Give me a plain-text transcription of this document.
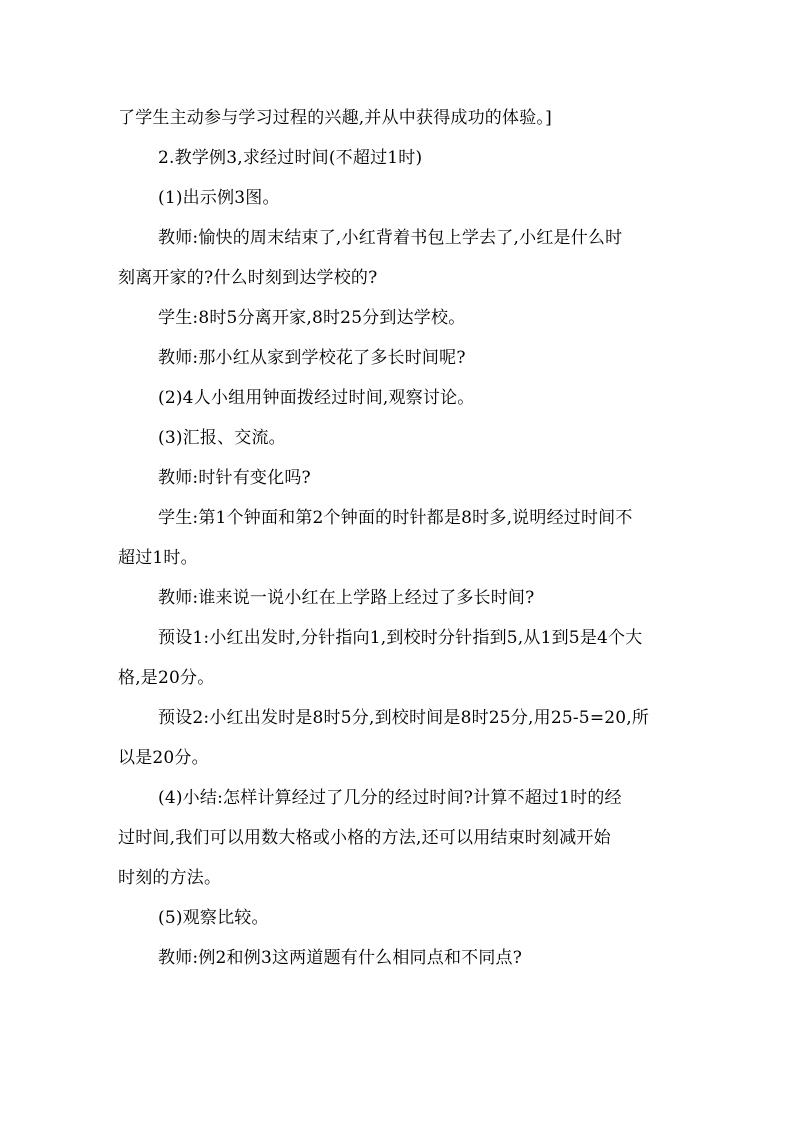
了学生主动参与学习过程的兴趣,并从中获得成功的体验。]
2.教学例3,求经过时间(不超过1时)
(1)出示例3图。
教师:愉快的周末结束了,小红背着书包上学去了,小红是什么时
刻离开家的?什么时刻到达学校的?
学生:8时5分离开家,8时25分到达学校。
教师:那小红从家到学校花了多长时间呢?
(2)4人小组用钟面拨经过时间,观察讨论。
(3)汇报、交流。
教师:时针有变化吗?
学生:第1个钟面和第2个钟面的时针都是8时多,说明经过时间不
超过1时。
教师:谁来说一说小红在上学路上经过了多长时间?
预设1:小红出发时,分针指向1,到校时分针指到5,从1到5是4个大
格,是20分。
预设2:小红出发时是8时5分,到校时间是8时25分,用25-5=20,所
以是20分。
(4)小结:怎样计算经过了几分的经过时间?计算不超过1时的经
过时间,我们可以用数大格或小格的方法,还可以用结束时刻减开始
时刻的方法。
(5)观察比较。
教师:例2和例3这两道题有什么相同点和不同点?
